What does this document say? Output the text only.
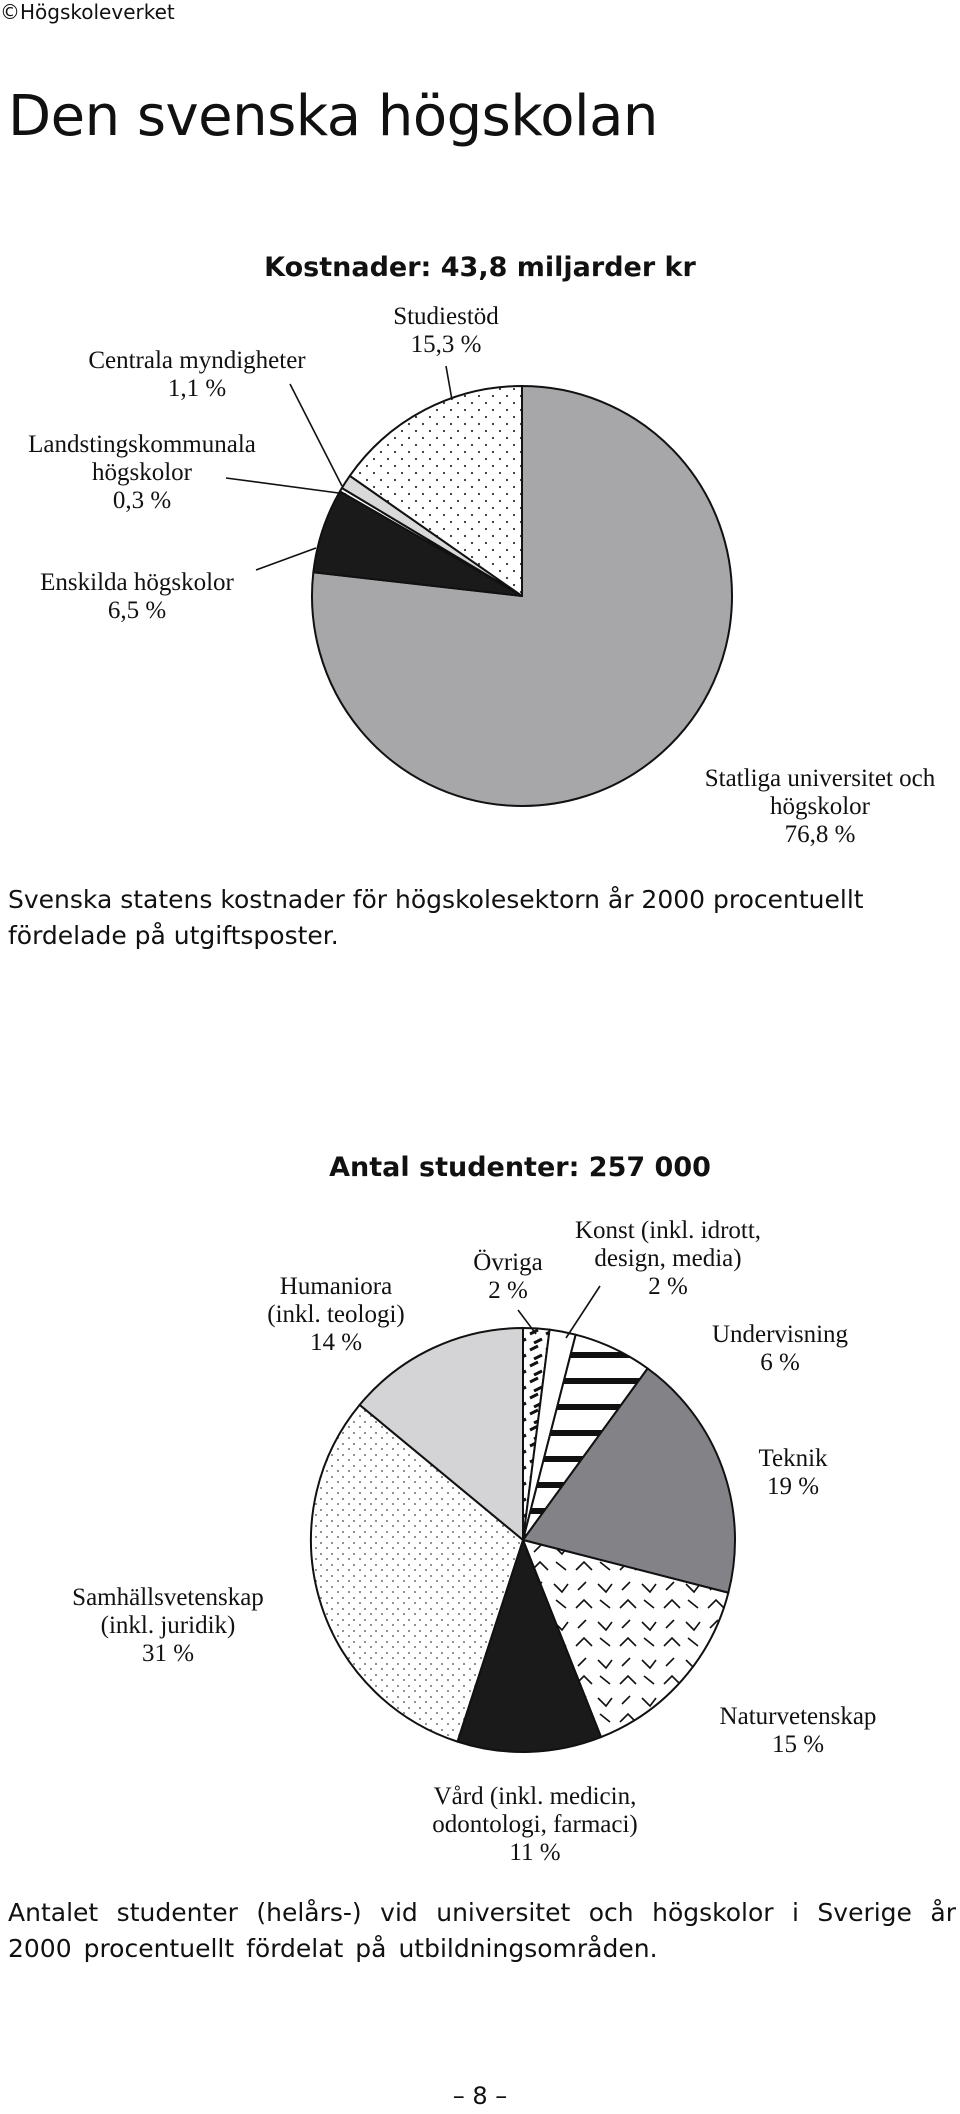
©Högskoleverket
Den svenska högskolan
Kostnader: 43,8 miljarder kr
Statliga universitet och högskolor 76,8 %
Enskilda högskolor 6,5 %
Landstingskommunala högskolor 0,3 %
Centrala myndigheter 1,1 %
Studiestöd 15,3 %
Övriga 2 %
Konst (inkl. idrott, design, media) 2 %
Undervisning 6 %
Teknik 19 %
Naturvetenskap 15 %
Vård (inkl. medicin, odontologi, farmaci) 11 %
Samhällsvetenskap (inkl. juridik) 31 %
Humaniora (inkl. teologi) 14 %
Svenska statens kostnader för högskolesektorn år 2000 procentuellt fördelade på utgiftsposter.
Antal studenter: 257 000
Antalet studenter (helårs-) vid universitet och högskolor i Sverige år 2000 procentuellt fördelat på utbildningsområden.
– 8 –
